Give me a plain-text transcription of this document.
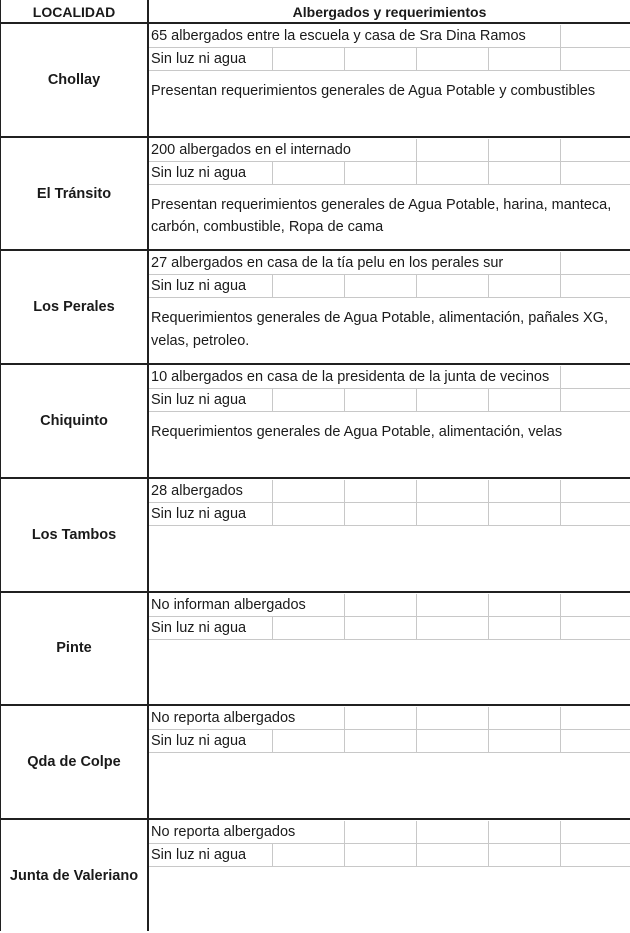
LOCALIDAD	Albergados y requerimientos
Chollay
65 albergados entre la escuela y casa de Sra Dina Ramos
Sin luz ni agua
Presentan requerimientos generales de Agua Potable y combustibles
El Tránsito
200 albergados en el internado
Sin luz ni agua
Presentan requerimientos generales de Agua Potable, harina, manteca, carbón, combustible, Ropa de cama
Los Perales
27 albergados en casa de la tía pelu en los perales sur
Sin luz ni agua
Requerimientos generales de Agua Potable, alimentación, pañales XG, velas, petroleo.
Chiquinto
10 albergados en casa de la presidenta de la junta de vecinos
Sin luz ni agua
Requerimientos generales de Agua Potable, alimentación, velas
Los Tambos
28 albergados
Sin luz ni agua
Pinte
No informan albergados
Sin luz ni agua
Qda de Colpe
No reporta albergados
Sin luz ni agua
Junta de Valeriano
No reporta albergados
Sin luz ni agua
